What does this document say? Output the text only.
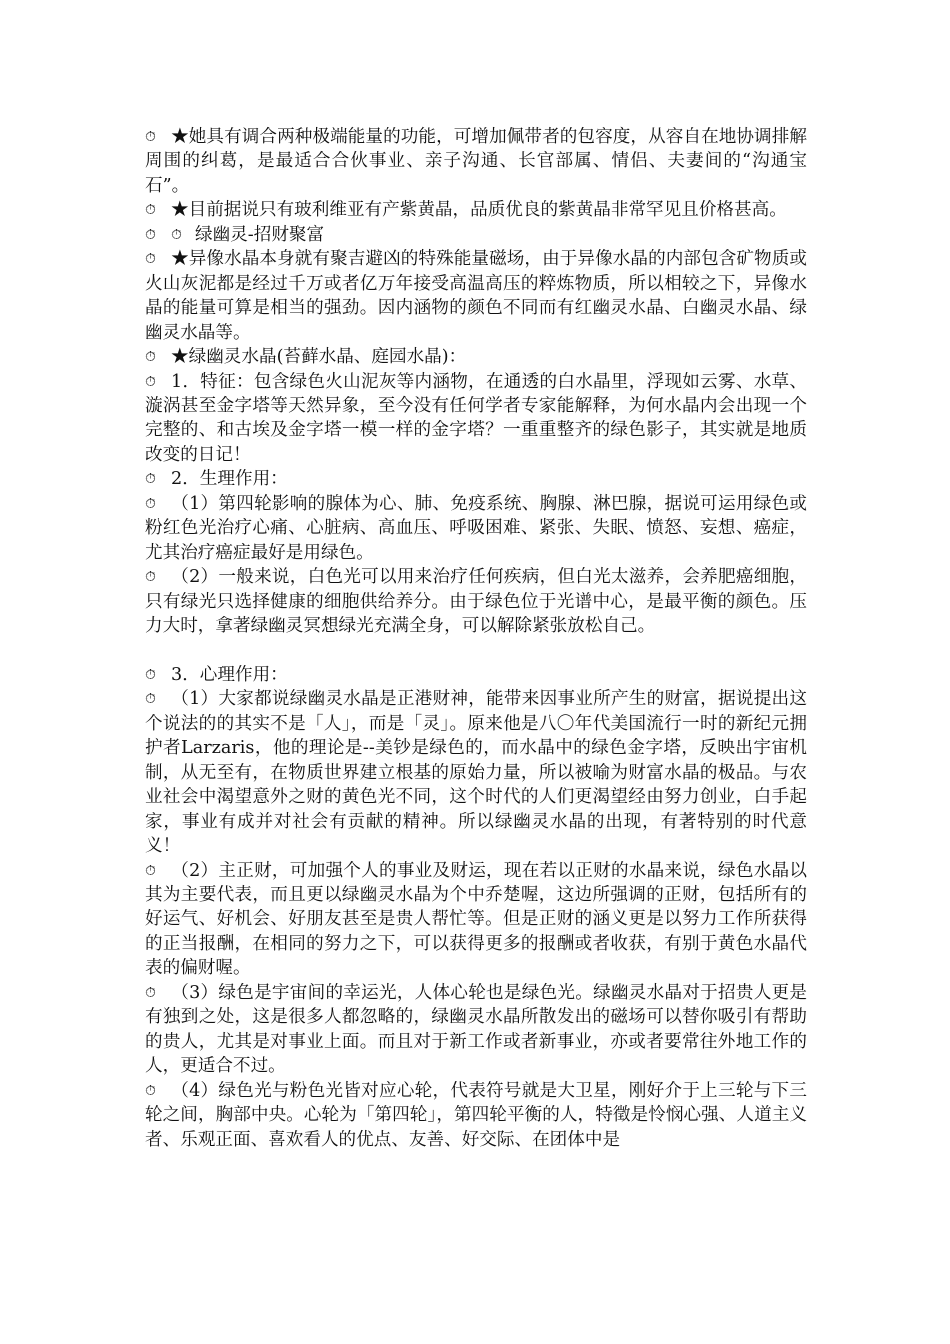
⏱ ★她具有调合两种极端能量的功能，可增加佩带者的包容度，从容自在地协调排解周围的纠葛，是最适合合伙事业、亲子沟通、长官部属、情侣、夫妻间的“沟通宝石”。

⏱ ★目前据说只有玻利维亚有产紫黄晶，品质优良的紫黄晶非常罕见且价格甚高。

⏱ ⏱ 绿幽灵-招财聚富

⏱ ★异像水晶本身就有聚吉避凶的特殊能量磁场，由于异像水晶的内部包含矿物质或火山灰泥都是经过千万或者亿万年接受高温高压的粹炼物质，所以相较之下，异像水晶的能量可算是相当的强劲。因内涵物的颜色不同而有红幽灵水晶、白幽灵水晶、绿幽灵水晶等。

⏱ ★绿幽灵水晶(苔藓水晶、庭园水晶)：

⏱ 1．特征：包含绿色火山泥灰等内涵物，在通透的白水晶里，浮现如云雾、水草、漩涡甚至金字塔等天然异象，至今没有任何学者专家能解释，为何水晶内会出现一个完整的、和古埃及金字塔一模一样的金字塔？一重重整齐的绿色影子，其实就是地质改变的日记！

⏱ 2．生理作用：

⏱ （1）第四轮影响的腺体为心、肺、免疫系统、胸腺、淋巴腺，据说可运用绿色或粉红色光治疗心痛、心脏病、高血压、呼吸困难、紧张、失眠、愤怒、妄想、癌症，尤其治疗癌症最好是用绿色。

⏱ （2）一般来说，白色光可以用来治疗任何疾病，但白光太滋养，会养肥癌细胞，只有绿光只选择健康的细胞供给养分。由于绿色位于光谱中心，是最平衡的颜色。压力大时，拿著绿幽灵冥想绿光充满全身，可以解除紧张放松自己。

⏱ 3．心理作用：

⏱ （1）大家都说绿幽灵水晶是正港财神，能带来因事业所产生的财富，据说提出这个说法的的其实不是「人」，而是「灵」。原来他是八〇年代美国流行一时的新纪元拥护者Larzaris，他的理论是--美钞是绿色的，而水晶中的绿色金字塔，反映出宇宙机制，从无至有，在物质世界建立根基的原始力量，所以被喻为财富水晶的极品。与农业社会中渴望意外之财的黄色光不同，这个时代的人们更渴望经由努力创业，白手起家，事业有成并对社会有贡献的精神。所以绿幽灵水晶的出现，有著特别的时代意义！

⏱ （2）主正财，可加强个人的事业及财运，现在若以正财的水晶来说，绿色水晶以其为主要代表，而且更以绿幽灵水晶为个中乔楚喔，这边所强调的正财，包括所有的好运气、好机会、好朋友甚至是贵人帮忙等。但是正财的涵义更是以努力工作所获得的正当报酬，在相同的努力之下，可以获得更多的报酬或者收获，有别于黄色水晶代表的偏财喔。

⏱ （3）绿色是宇宙间的幸运光，人体心轮也是绿色光。绿幽灵水晶对于招贵人更是有独到之处，这是很多人都忽略的，绿幽灵水晶所散发出的磁场可以替你吸引有帮助的贵人，尤其是对事业上面。而且对于新工作或者新事业，亦或者要常往外地工作的人，更适合不过。

⏱ （4）绿色光与粉色光皆对应心轮，代表符号就是大卫星，刚好介于上三轮与下三轮之间，胸部中央。心轮为「第四轮」，第四轮平衡的人，特徵是怜悯心强、人道主义者、乐观正面、喜欢看人的优点、友善、好交际、在团体中是
